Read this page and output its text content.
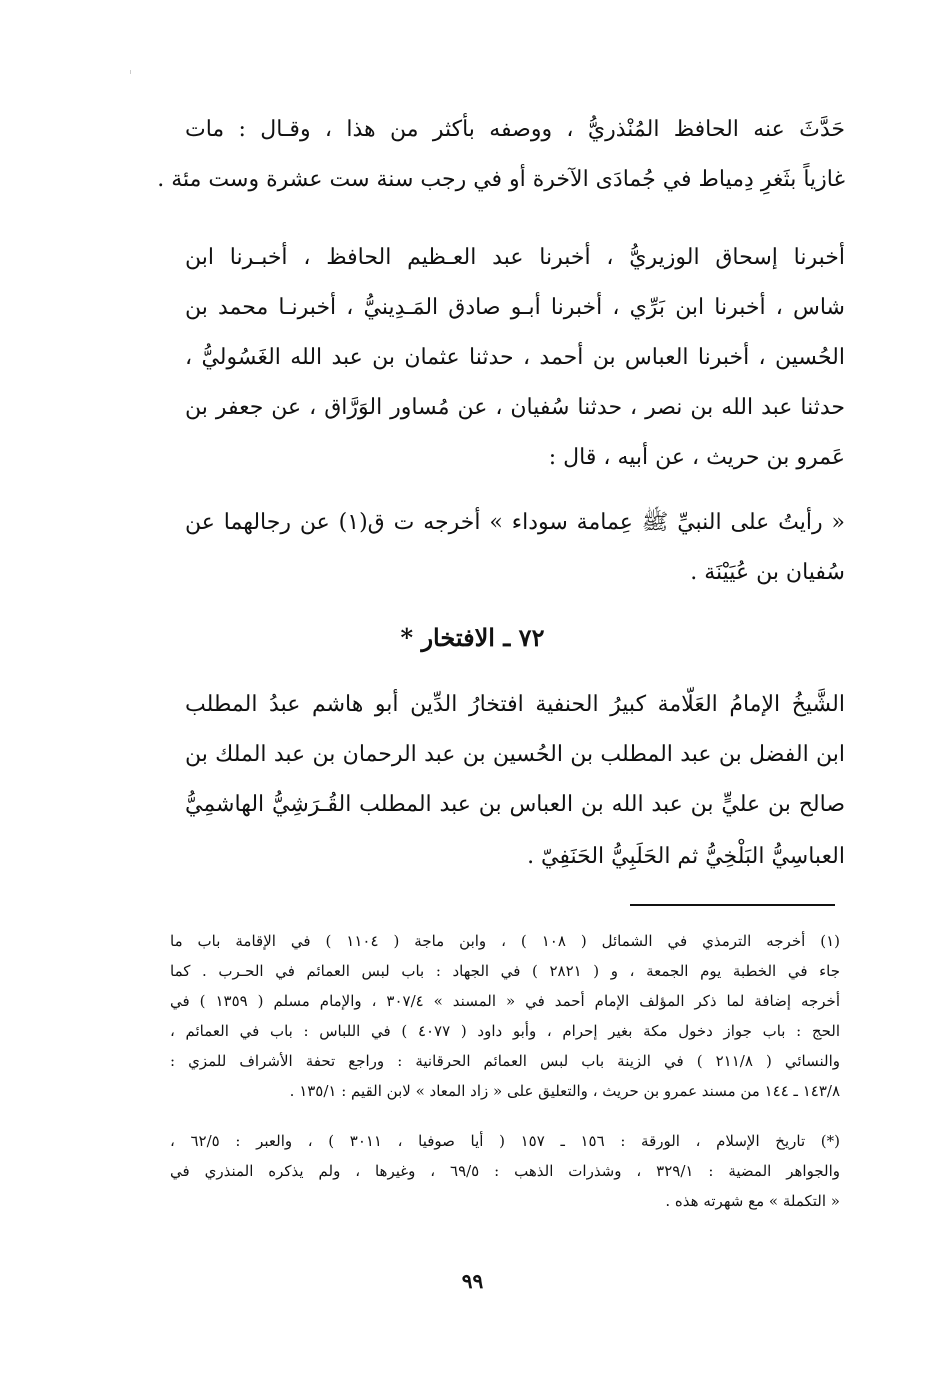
حَدَّثَ عنه الحافظ المُنْذريُّ ، ووصفه بأكثر من هذا ، وقـال : مات
غازياً بثَغرِ دِمياط في جُمادَى الآخرة أو في رجب سنة ست عشرة وست مئة .
أخبرنا إسحاق الوزيريُّ ، أخبرنا عبد العـظيم الحافظ ، أخبـرنا ابن
شاس ، أخبرنا ابن بَرِّي ، أخبرنا أبـو صادق المَـدِينيُّ ، أخبرنـا محمد بن
الحُسين ، أخبرنا العباس بن أحمد ، حدثنا عثمان بن عبد الله الغَسُوليُّ ،
حدثنا عبد الله بن نصر ، حدثنا سُفيان ، عن مُساور الوَرَّاق ، عن جعفر بن
عَمرو بن حريث ، عن أبيه ، قال :
« رأيتُ على النبيِّ ﷺ عِمامة سوداء » أخرجه ت ق(١) عن رجالهما عن
سُفيان بن عُيَيْنَة .
٧٢ ـ الافتخار *
الشَّيخُ الإمامُ العَلّامة كبيرُ الحنفية افتخارُ الدِّين أبو هاشم عبدُ المطلب
ابن الفضل بن عبد المطلب بن الحُسين بن عبد الرحمان بن عبد الملك بن
صالح بن عليٍّ بن عبد الله بن العباس بن عبد المطلب القُـرَشِيُّ الهاشمِيُّ
العباسِيُّ البَلْخِيُّ ثم الحَلَبِيُّ الحَنَفِيّ .
(١) أخرجه الترمذي في الشمائل ( ١٠٨ ) ، وابن ماجة ( ١١٠٤ ) في الإقامة باب ما
جاء في الخطبة يوم الجمعة ، و ( ٢٨٢١ ) في الجهاد : باب لبس العمائم في الحـرب . كما
أخرجه إضافة لما ذكر المؤلف الإمام أحمد في « المسند » ٣٠٧/٤ ، والإمام مسلم ( ١٣٥٩ ) في
الحج : باب جواز دخول مكة بغير إحرام ، وأبو داود ( ٤٠٧٧ ) في اللباس : باب في العمائم ،
والنسائي ( ٢١١/٨ ) في الزينة باب لبس العمائم الحرقانية : وراجع تحفة الأشراف للمزي :
١٤٣/٨ ـ ١٤٤ من مسند عمرو بن حريث ، والتعليق على « زاد المعاد » لابن القيم : ١٣٥/١ .
(*) تاريخ الإسلام ، الورقة : ١٥٦ ـ ١٥٧ ( أيا صوفيا ، ٣٠١١ ) ، والعبر : ٦٢/٥ ،
والجواهر المضية : ٣٢٩/١ ، وشذرات الذهب : ٦٩/٥ ، وغيرها ، ولم يذكره المنذري في
« التكملة » مع شهرته هذه .
٩٩
